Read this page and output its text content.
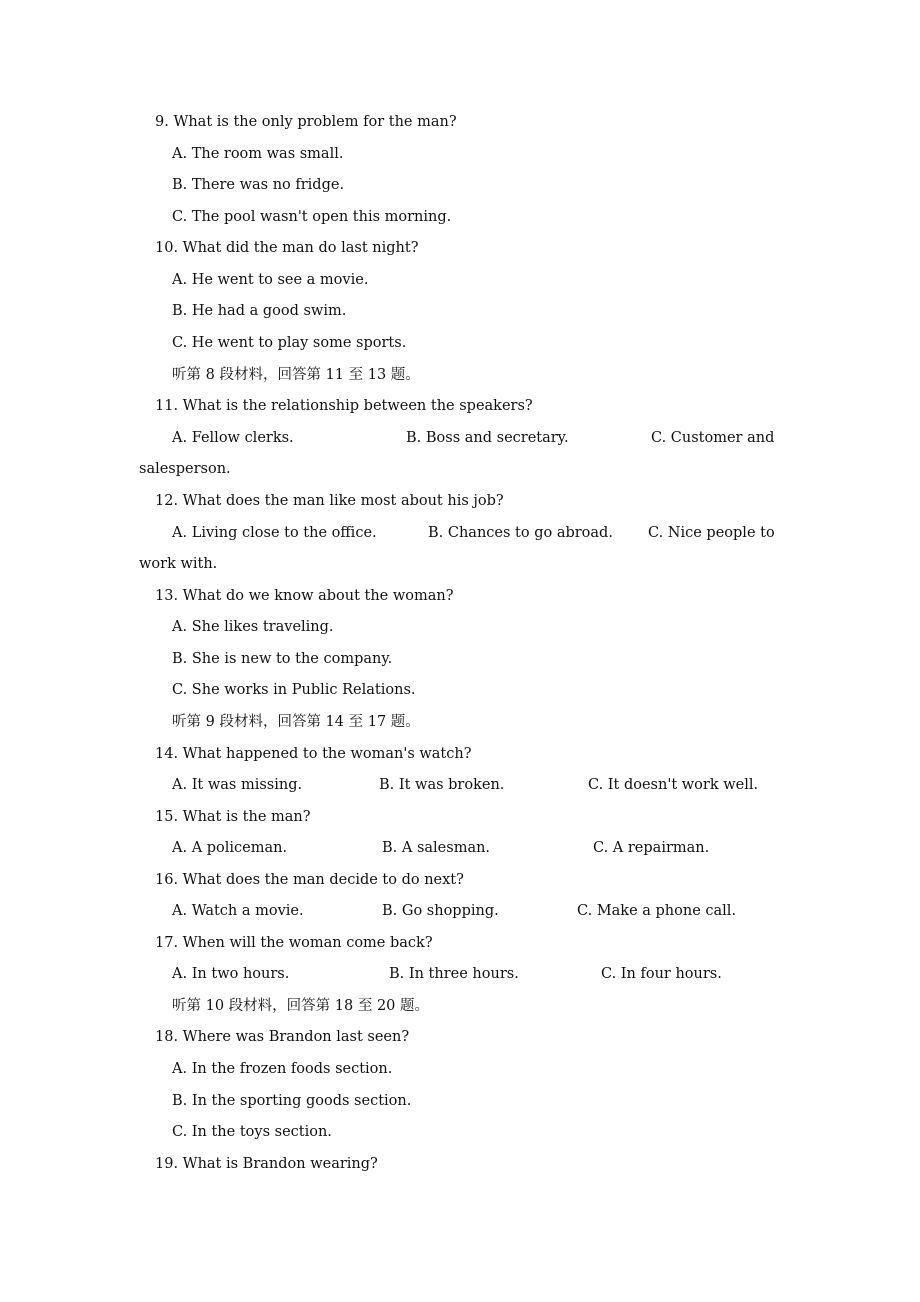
9. What is the only problem for the man?
A. The room was small.
B. There was no fridge.
C. The pool wasn't open this morning.
10. What did the man do last night?
A. He went to see a movie.
B. He had a good swim.
C. He went to play some sports.
听第 8 段材料，回答第 11 至 13 题。
11. What is the relationship between the speakers?
A. Fellow clerks.	B. Boss and secretary.	C. Customer and
salesperson.
12. What does the man like most about his job?
A. Living close to the office.	B. Chances to go abroad. C. Nice people to
work with.
13. What do we know about the woman?
A. She likes traveling.
B. She is new to the company.
C. She works in Public Relations.
听第 9 段材料，回答第 14 至 17 题。
14. What happened to the woman's watch?
A. It was missing.	B. It was broken.	C. It doesn't work well.
15. What is the man?
A. A policeman.	B. A salesman.	C. A repairman.
16. What does the man decide to do next?
A. Watch a movie.	B. Go shopping.	C. Make a phone call.
17. When will the woman come back?
A. In two hours.	B. In three hours.	C. In four hours.
听第 10 段材料，回答第 18 至 20 题。
18. Where was Brandon last seen?
A. In the frozen foods section.
B. In the sporting goods section.
C. In the toys section.
19. What is Brandon wearing?
